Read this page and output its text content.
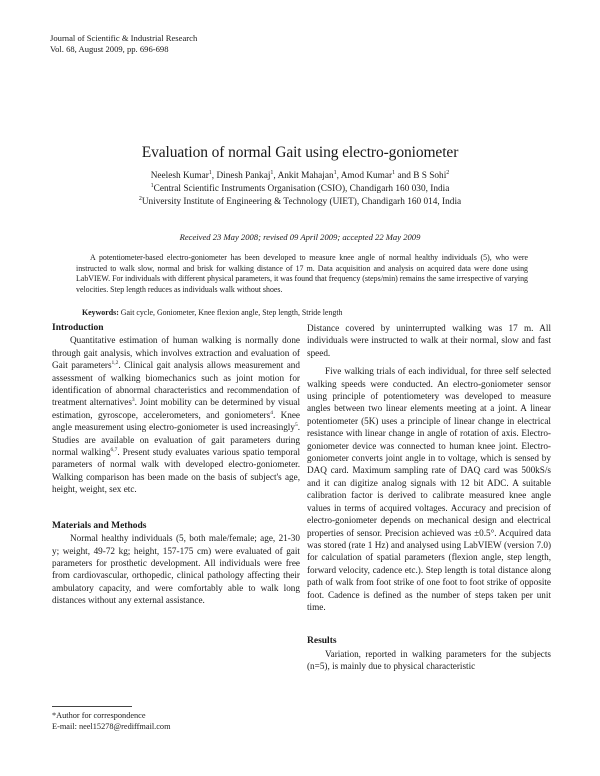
Journal of Scientific & Industrial Research
Vol. 68, August 2009, pp. 696-698
Evaluation of normal Gait using electro-goniometer
Neelesh Kumar$^1$, Dinesh Pankaj$^1$, Ankit Mahajan$^1$, Amod Kumar$^1$ and B S Sohi$^2$
$^1$Central Scientific Instruments Organisation (CSIO), Chandigarh 160 030, India
$^2$University Institute of Engineering & Technology (UIET), Chandigarh 160 014, India
Received 23 May 2008; revised 09 April 2009; accepted 22 May 2009
A potentiometer-based electro-goniometer has been developed to measure knee angle of normal healthy individuals (5), who were instructed to walk slow, normal and brisk for walking distance of 17 m. Data acquisition and analysis on acquired data were done using LabVIEW. For individuals with different physical parameters, it was found that frequency (steps/min) remains the same irrespective of varying velocities. Step length reduces as individuals walk without shoes.
Keywords: Gait cycle, Goniometer, Knee flexion angle, Step length, Stride length
Introduction

Quantitative estimation of human walking is normally done through gait analysis, which involves extraction and evaluation of Gait parameters$^{1,2}$. Clinical gait analysis allows measurement and assessment of walking biomechanics such as joint motion for identification of abnormal characteristics and recommendation of treatment alternatives$^3$. Joint mobility can be determined by visual estimation, gyroscope, accelerometers, and goniometers$^4$. Knee angle measurement using electro-goniometer is used increasingly$^5$. Studies are available on evaluation of gait parameters during normal walking$^{6,7}$. Present study evaluates various spatio temporal parameters of normal walk with developed electro-goniometer. Walking comparison has been made on the basis of subject's age, height, weight, sex etc.

Materials and Methods

Normal healthy individuals (5, both male/female; age, 21-30 y; weight, 49-72 kg; height, 157-175 cm) were evaluated of gait parameters for prosthetic development. All individuals were free from cardiovascular, orthopedic, clinical pathology affecting their ambulatory capacity, and were comfortably able to walk long distances without any external assistance.

Distance covered by uninterrupted walking was 17 m. All individuals were instructed to walk at their normal, slow and fast speed.

Five walking trials of each individual, for three self selected walking speeds were conducted. An electro-goniometer sensor using principle of potentiometery was developed to measure angles between two linear elements meeting at a joint. A linear potentiometer (5K) uses a principle of linear change in electrical resistance with linear change in angle of rotation of axis. Electro-goniometer device was connected to human knee joint. Electro-goniometer converts joint angle in to voltage, which is sensed by DAQ card. Maximum sampling rate of DAQ card was 500kS/s and it can digitize analog signals with 12 bit ADC. A suitable calibration factor is derived to calibrate measured knee angle values in terms of acquired voltages. Accuracy and precision of electro-goniometer depends on mechanical design and electrical properties of sensor. Precision achieved was ±0.5°. Acquired data was stored (rate 1 Hz) and analysed using LabVIEW (version 7.0) for calculation of spatial parameters (flexion angle, step length, forward velocity, cadence etc.). Step length is total distance along path of walk from foot strike of one foot to foot strike of opposite foot. Cadence is defined as the number of steps taken per unit time.

Results

Variation, reported in walking parameters for the subjects (n=5), is mainly due to physical characteristic

*Author for correspondence
E-mail: neel15278@rediffmail.com
